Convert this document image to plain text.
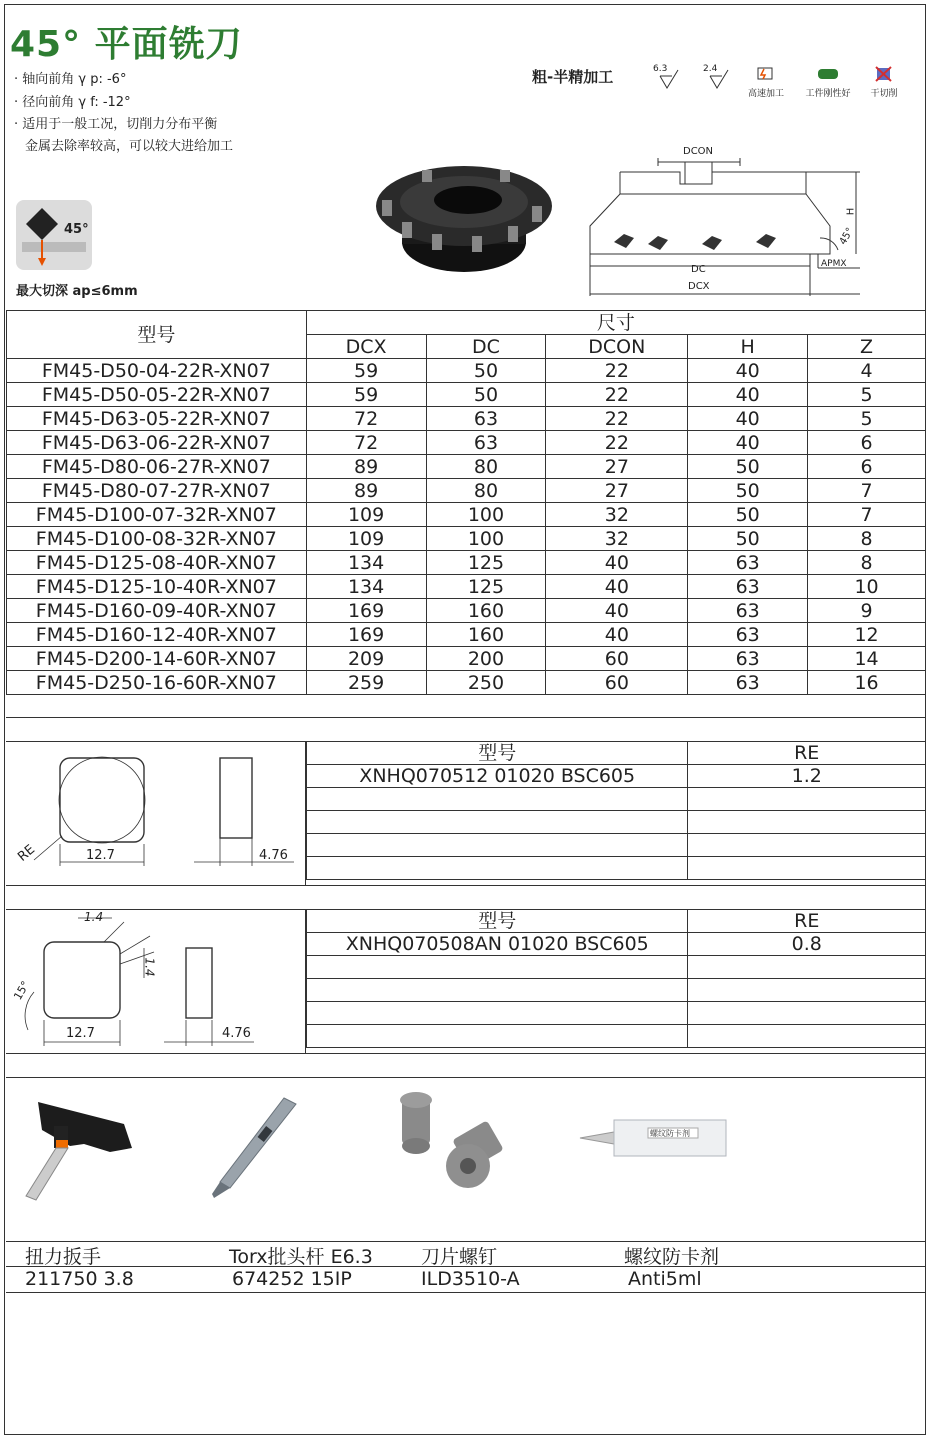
45° 平面铣刀
· 轴向前角 γ p: -6°
· 径向前角 γ f: -12°
· 适用于一般工况，切削力分布平衡
金属去除率较高，可以较大进给加工
粗-半精加工	6.3	2.4
高速加工	工件刚性好	干切削
45°
最大切深 ap≤6mm
DCON
DC
DCX
H
APMX
45°
型号	尺寸				
	DCX	DC	DCON	H	Z
FM45-D50-04-22R-XN07	59	50	22	40	4
FM45-D50-05-22R-XN07	59	50	22	40	5
FM45-D63-05-22R-XN07	72	63	22	40	5
FM45-D63-06-22R-XN07	72	63	22	40	6
FM45-D80-06-27R-XN07	89	80	27	50	6
FM45-D80-07-27R-XN07	89	80	27	50	7
FM45-D100-07-32R-XN07	109	100	32	50	7
FM45-D100-08-32R-XN07	109	100	32	50	8
FM45-D125-08-40R-XN07	134	125	40	63	8
FM45-D125-10-40R-XN07	134	125	40	63	10
FM45-D160-09-40R-XN07	169	160	40	63	9
FM45-D160-12-40R-XN07	169	160	40	63	12
FM45-D200-14-60R-XN07	209	200	60	63	14
FM45-D250-16-60R-XN07	259	250	60	63	16
12.7	4.76
RE
型号	RE
XNHQ070512 01020 BSC605	1.2

1.4
1.4
15°
12.7	4.76
型号	RE
XNHQ070508AN 01020 BSC605	0.8

螺纹防卡剂
扭力扳手	Torx批头杆 E6.3	刀片螺钉	螺纹防卡剂
211750 3.8	674252 15IP	ILD3510-A	Anti5ml
